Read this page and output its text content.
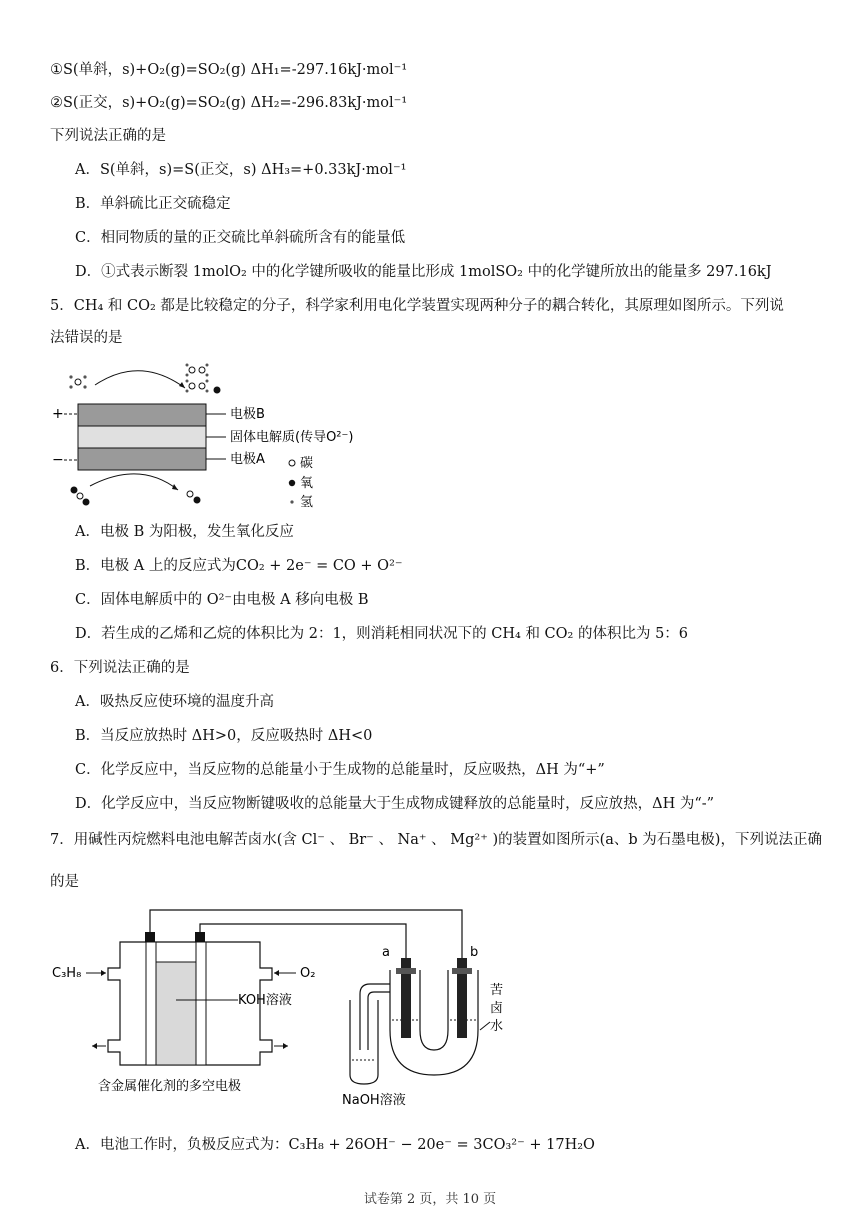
①S(单斜，s)+O₂(g)=SO₂(g) ΔH₁=-297.16kJ·mol⁻¹
②S(正交，s)+O₂(g)=SO₂(g) ΔH₂=-296.83kJ·mol⁻¹
下列说法正确的是
A．S(单斜，s)=S(正交，s) ΔH₃=+0.33kJ·mol⁻¹
B．单斜硫比正交硫稳定
C．相同物质的量的正交硫比单斜硫所含有的能量低
D．①式表示断裂 1molO₂ 中的化学键所吸收的能量比形成 1molSO₂ 中的化学键所放出的能量多 297.16kJ
5．CH₄ 和 CO₂ 都是比较稳定的分子，科学家利用电化学装置实现两种分子的耦合转化，其原理如图所示。下列说
法错误的是
+
−
电极B
固体电解质(传导O²⁻)
电极A	碳
氧
氢
A．电极 B 为阳极，发生氧化反应
B．电极 A 上的反应式为CO₂ + 2e⁻ = CO + O²⁻
C．固体电解质中的 O²⁻由电极 A 移向电极 B
D．若生成的乙烯和乙烷的体积比为 2：1，则消耗相同状况下的 CH₄ 和 CO₂ 的体积比为 5：6
6．下列说法正确的是
A．吸热反应使环境的温度升高
B．当反应放热时 ΔH>0，反应吸热时 ΔH<0
C．化学反应中，当反应物的总能量小于生成物的总能量时，反应吸热，ΔH 为“+”
D．化学反应中，当反应物断键吸收的总能量大于生成物成键释放的总能量时，反应放热，ΔH 为“-”
7．用碱性丙烷燃料电池电解苦卤水(含 Cl⁻ 、 Br⁻ 、 Na⁺ 、 Mg²⁺ )的装置如图所示(a、b 为石墨电极)，下列说法正确
的是
C₃H₈	O₂
KOH溶液
含金属催化剂的多空电极
a	b
NaOH溶液
苦
卤
水
A．电池工作时，负极反应式为：C₃H₈ + 26OH⁻ − 20e⁻ = 3CO₃²⁻ + 17H₂O
试卷第 2 页，共 10 页
